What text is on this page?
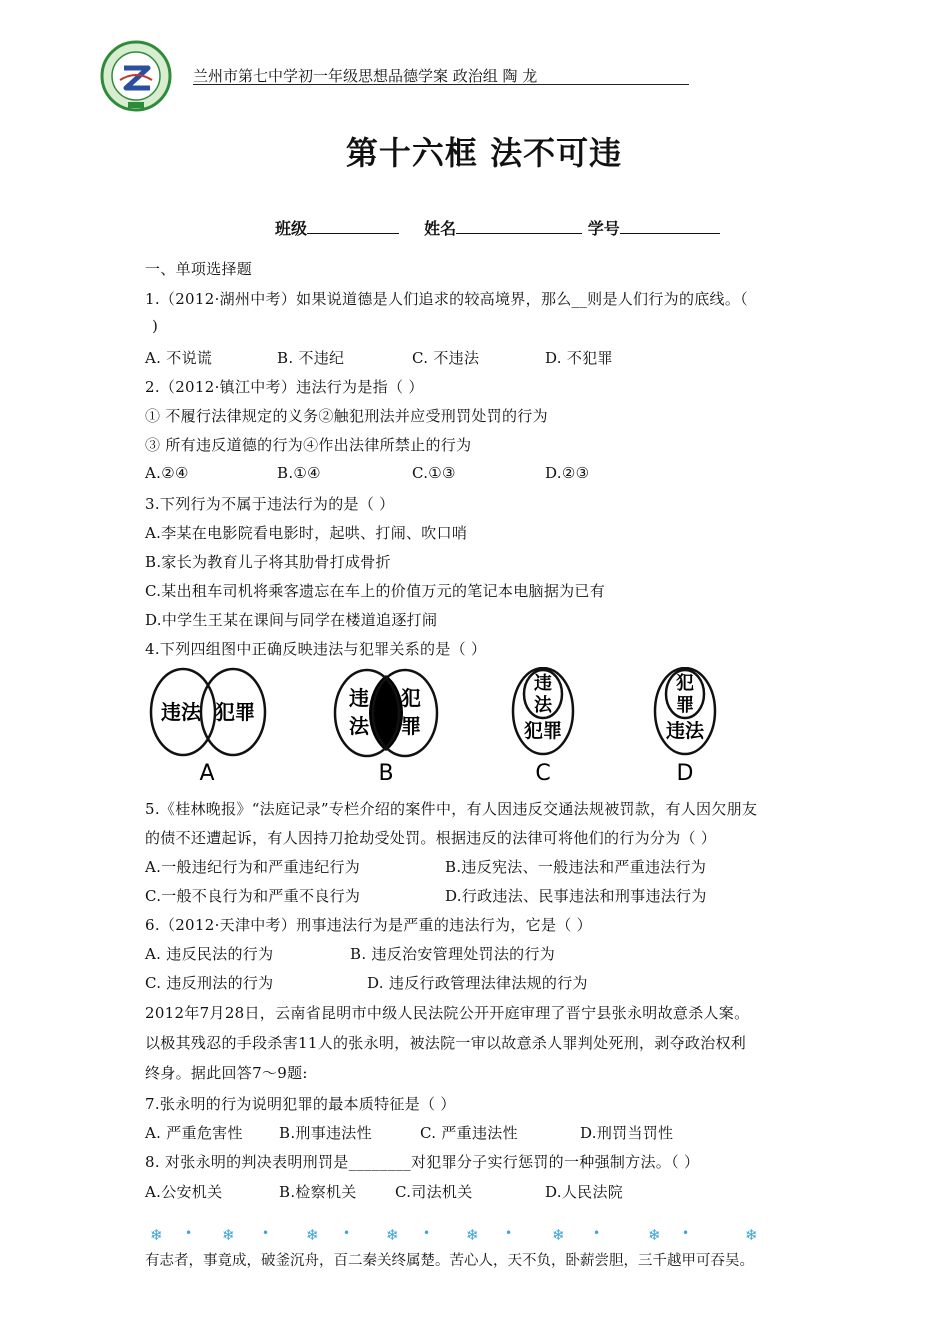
兰州市第七中学初一年级思想品德学案 政治组 陶 龙
第十六框 法不可违
班级	姓名	学号
一、单项选择题
1.（2012·湖州中考）如果说道德是人们追求的较高境界，那么__则是人们行为的底线。（
)
A. 不说谎	B. 不违纪	C. 不违法	D. 不犯罪
2.（2012·镇江中考）违法行为是指（ ）
① 不履行法律规定的义务②触犯刑法并应受刑罚处罚的行为
③ 所有违反道德的行为④作出法律所禁止的行为
A.②④	B.①④	C.①③	D.②③
3.下列行为不属于违法行为的是（ ）
A.李某在电影院看电影时，起哄、打闹、吹口哨
B.家长为教育儿子将其肋骨打成骨折
C.某出租车司机将乘客遗忘在车上的价值万元的笔记本电脑据为已有
D.中学生王某在课间与同学在楼道追逐打闹
4.下列四组图中正确反映违法与犯罪关系的是（ ）
违法 犯罪
A
违
法
犯
罪
B
违
法
犯罪
C
犯
罪
违法
D
5.《桂林晚报》“法庭记录”专栏介绍的案件中，有人因违反交通法规被罚款，有人因欠朋友
的债不还遭起诉，有人因持刀抢劫受处罚。根据违反的法律可将他们的行为分为（ ）
A.一般违纪行为和严重违纪行为	B.违反宪法、一般违法和严重违法行为
C.一般不良行为和严重不良行为	D.行政违法、民事违法和刑事违法行为
6.（2012·天津中考）刑事违法行为是严重的违法行为，它是（ ）
A. 违反民法的行为	B. 违反治安管理处罚法的行为
C. 违反刑法的行为	D. 违反行政管理法律法规的行为
2012年7月28日，云南省昆明市中级人民法院公开开庭审理了晋宁县张永明故意杀人案。
以极其残忍的手段杀害11人的张永明，被法院一审以故意杀人罪判处死刑，剥夺政治权利
终身。据此回答7～9题:
7.张永明的行为说明犯罪的最本质特征是（ ）
A. 严重危害性 B.刑事违法性	C. 严重违法性	D.刑罚当罚性
8. 对张永明的判决表明刑罚是________对犯罪分子实行惩罚的一种强制方法。（ ）
A.公安机关	B.检察机关	C.司法机关	D.人民法院
❄ • ❄ • ❄ • ❄ • ❄ •	❄ •	❄ •	❄
有志者，事竟成，破釜沉舟，百二秦关终属楚。苦心人，天不负，卧薪尝胆，三千越甲可吞吴。
